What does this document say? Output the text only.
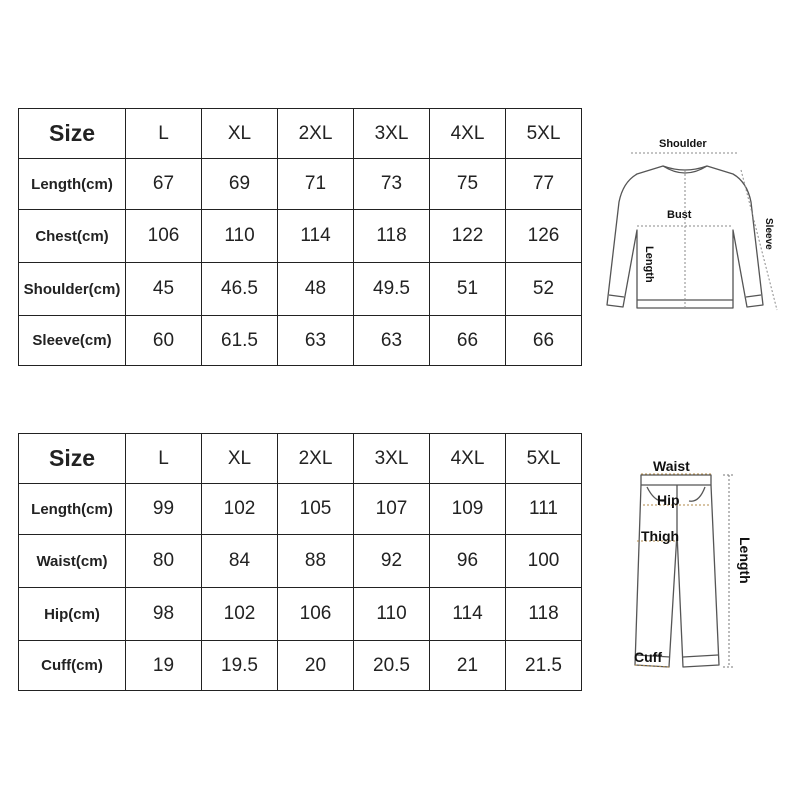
Size	L	XL	2XL	3XL	4XL	5XL
Length(cm)	67	69	71	73	75	77
Chest(cm)	106	110	114	118	122	126
Shoulder(cm)	45	46.5	48	49.5	51	52
Sleeve(cm)	60	61.5	63	63	66	66
Size	L	XL	2XL	3XL	4XL	5XL
Length(cm)	99	102	105	107	109	111
Waist(cm)	80	84	88	92	96	100
Hip(cm)	98	102	106	110	114	118
Cuff(cm)	19	19.5	20	20.5	21	21.5
Shoulder
Bust
Length
Sleeve
Waist
Hip
Thigh
Cuff
Length
